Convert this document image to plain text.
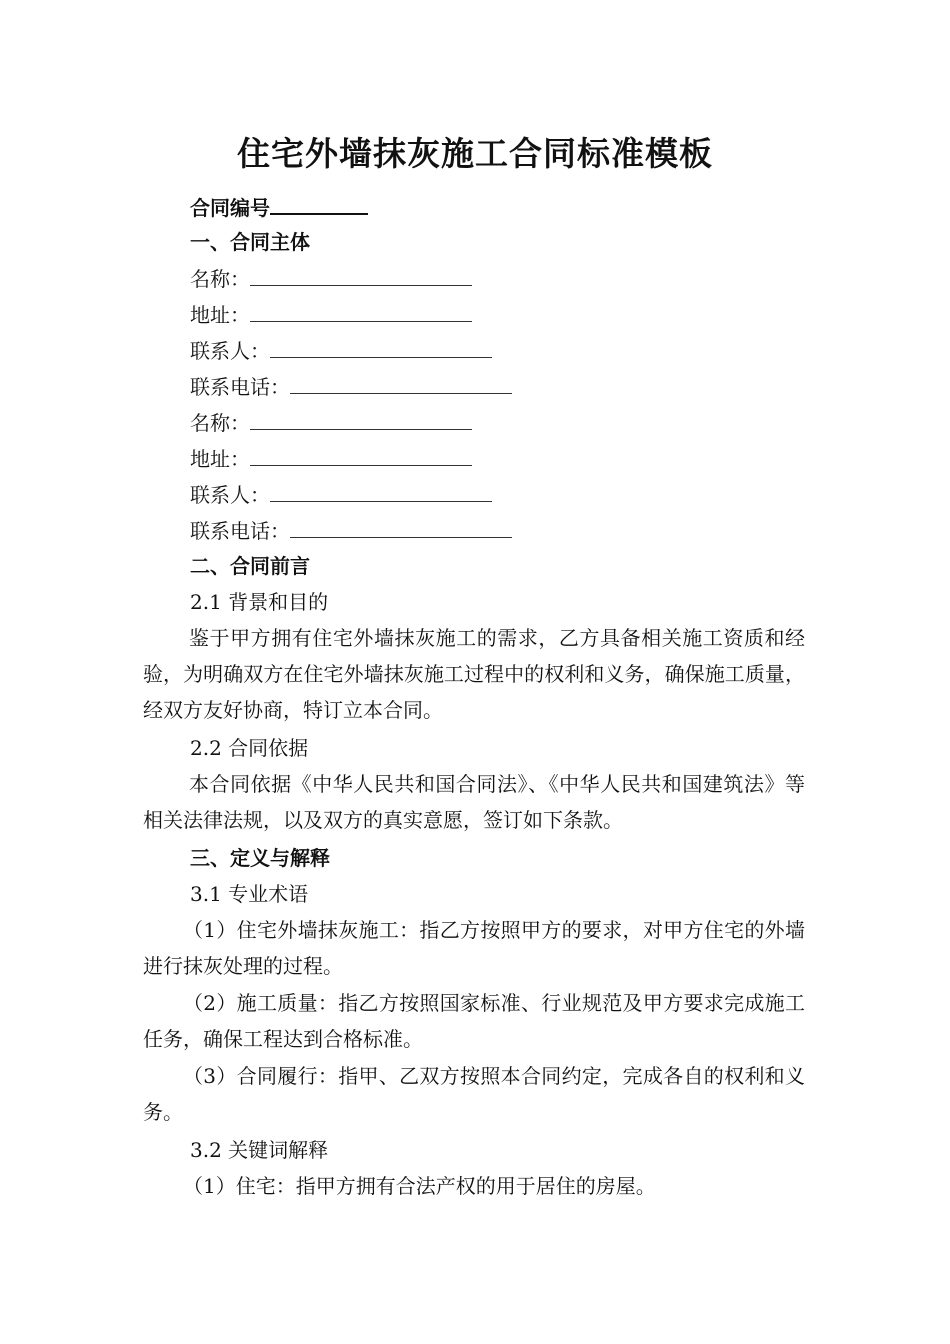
住宅外墙抹灰施工合同标准模板
合同编号
一、合同主体
名称：
地址：
联系人：
联系电话：
名称：
地址：
联系人：
联系电话：
二、合同前言
2.1 背景和目的
鉴于甲方拥有住宅外墙抹灰施工的需求，乙方具备相关施工资质和经验，为明确双方在住宅外墙抹灰施工过程中的权利和义务，确保施工质量，经双方友好协商，特订立本合同。
2.2 合同依据
本合同依据《中华人民共和国合同法》、《中华人民共和国建筑法》等相关法律法规，以及双方的真实意愿，签订如下条款。
三、定义与解释
3.1 专业术语
（1）住宅外墙抹灰施工：指乙方按照甲方的要求，对甲方住宅的外墙进行抹灰处理的过程。
（2）施工质量：指乙方按照国家标准、行业规范及甲方要求完成施工任务，确保工程达到合格标准。
（3）合同履行：指甲、乙双方按照本合同约定，完成各自的权利和义务。
3.2 关键词解释
（1）住宅：指甲方拥有合法产权的用于居住的房屋。
